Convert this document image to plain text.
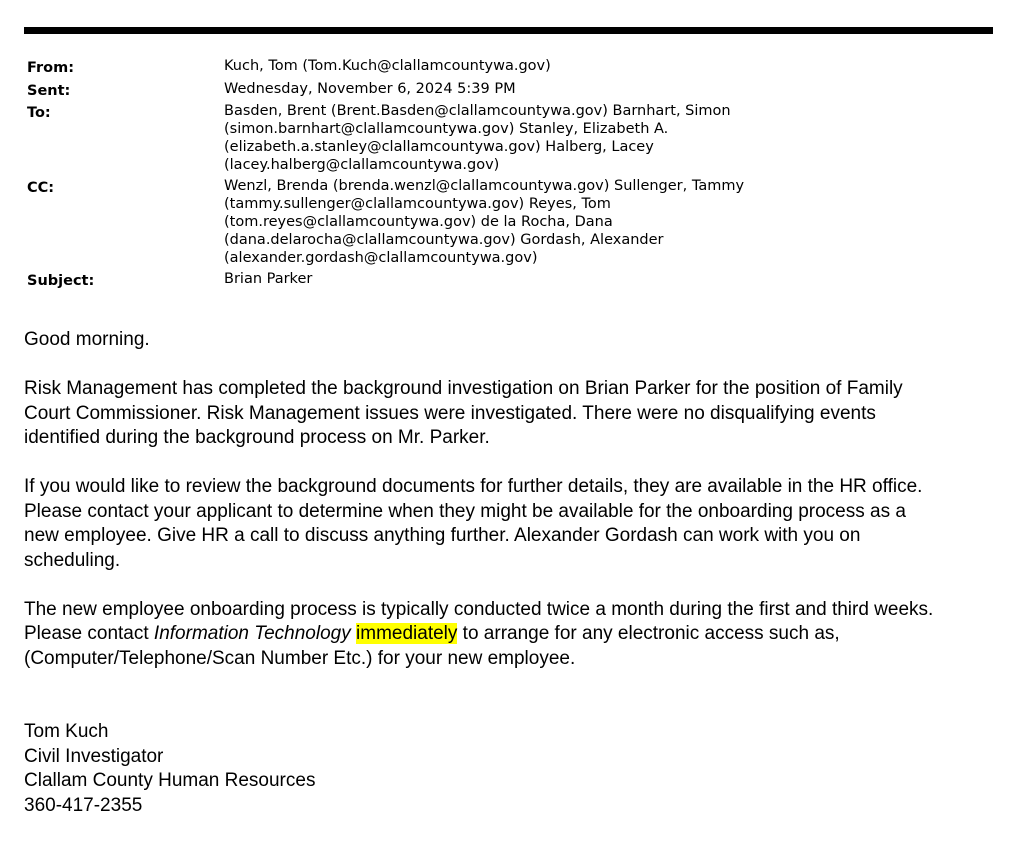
From:	Kuch, Tom (Tom.Kuch@clallamcountywa.gov)
Sent:	Wednesday, November 6, 2024 5:39 PM
To:	Basden, Brent (Brent.Basden@clallamcountywa.gov) Barnhart, Simon
(simon.barnhart@clallamcountywa.gov) Stanley, Elizabeth A.
(elizabeth.a.stanley@clallamcountywa.gov) Halberg, Lacey
(lacey.halberg@clallamcountywa.gov)
CC:	Wenzl, Brenda (brenda.wenzl@clallamcountywa.gov) Sullenger, Tammy
(tammy.sullenger@clallamcountywa.gov) Reyes, Tom
(tom.reyes@clallamcountywa.gov) de la Rocha, Dana
(dana.delarocha@clallamcountywa.gov) Gordash, Alexander
(alexander.gordash@clallamcountywa.gov)
Subject:	Brian Parker

Good morning.

Risk Management has completed the background investigation on Brian Parker for the position of Family
Court Commissioner. Risk Management issues were investigated. There were no disqualifying events
identified during the background process on Mr. Parker.

If you would like to review the background documents for further details, they are available in the HR office.
Please contact your applicant to determine when they might be available for the onboarding process as a
new employee. Give HR a call to discuss anything further. Alexander Gordash can work with you on
scheduling.

The new employee onboarding process is typically conducted twice a month during the first and third weeks.
Please contact Information Technology immediately to arrange for any electronic access such as,
(Computer/Telephone/Scan Number Etc.) for your new employee.

Tom Kuch
Civil Investigator
Clallam County Human Resources
360-417-2355
